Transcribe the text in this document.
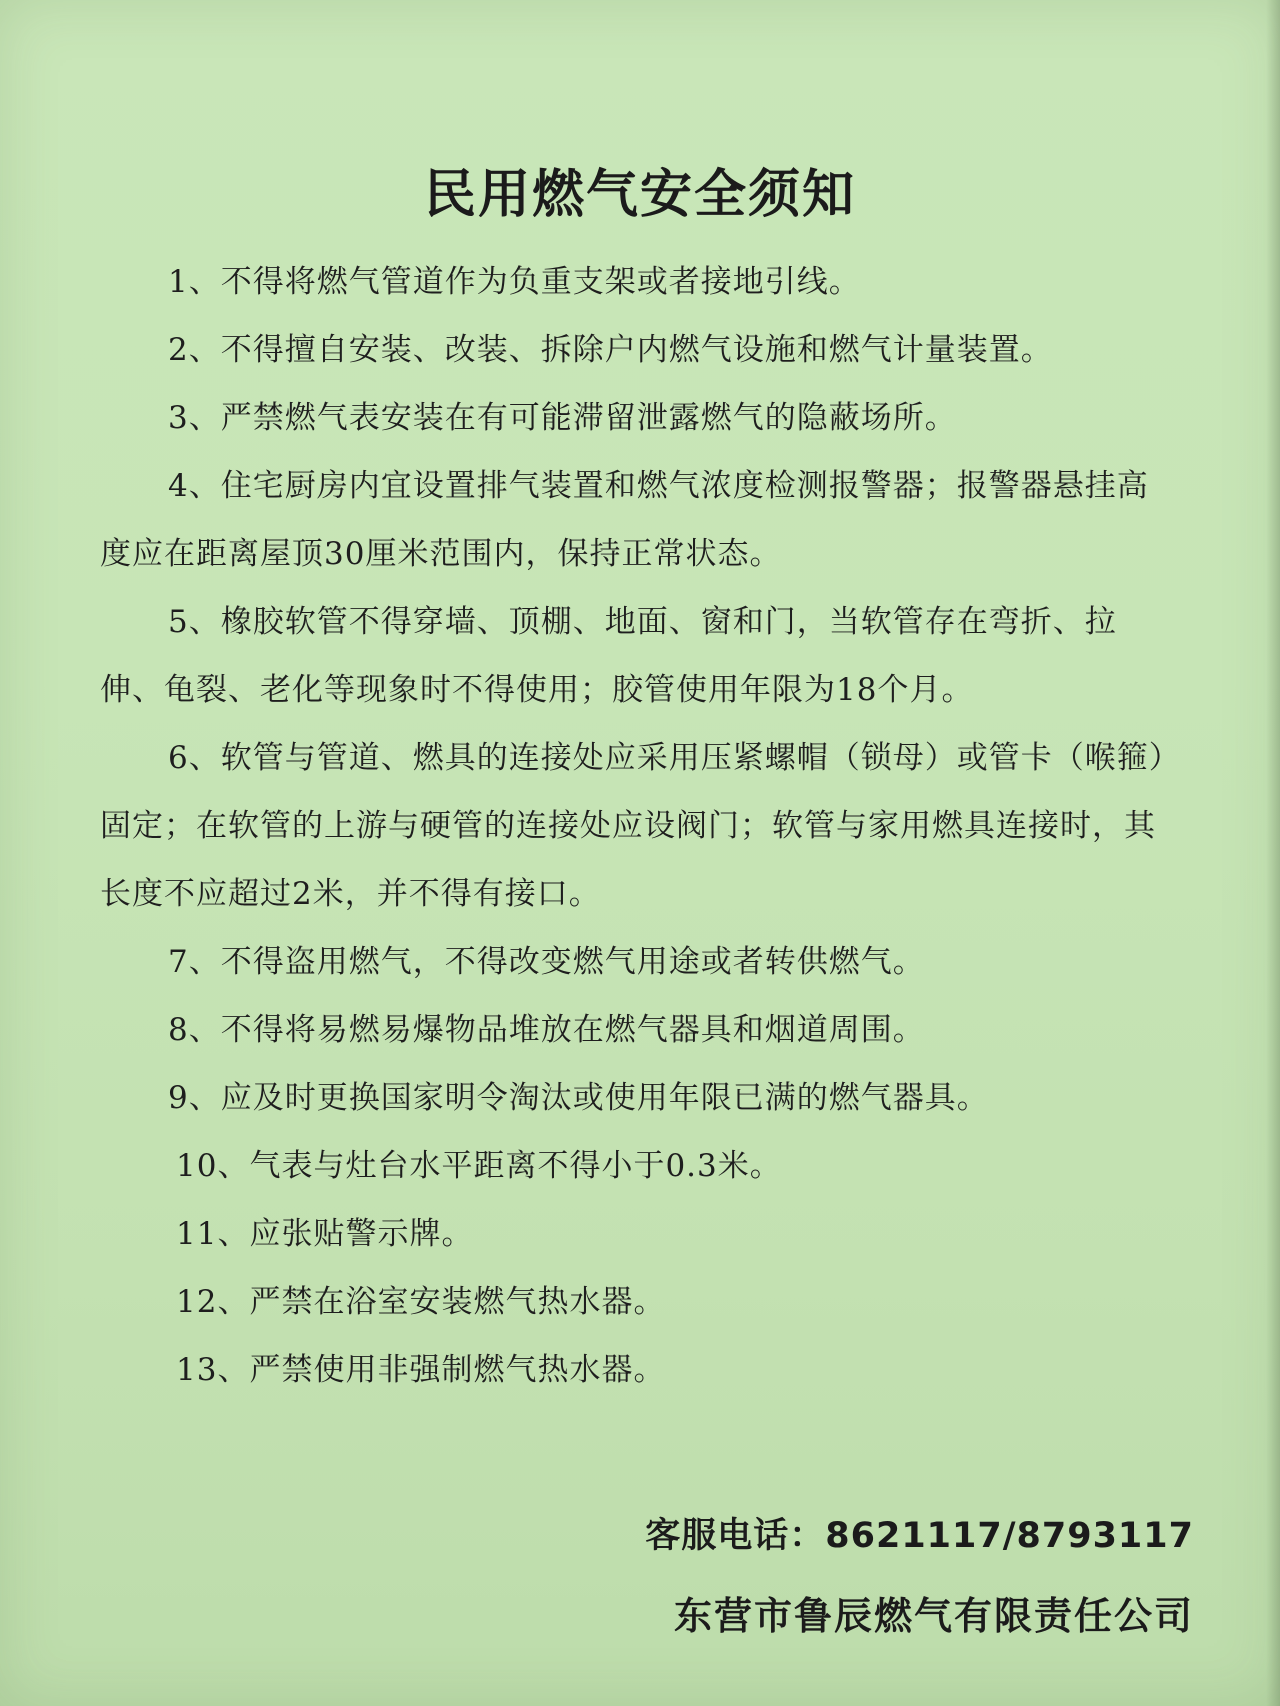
民用燃气安全须知

1、不得将燃气管道作为负重支架或者接地引线。

2、不得擅自安装、改装、拆除户内燃气设施和燃气计量装置。

3、严禁燃气表安装在有可能滞留泄露燃气的隐蔽场所。

4、住宅厨房内宜设置排气装置和燃气浓度检测报警器；报警器悬挂高度应在距离屋顶30厘米范围内，保持正常状态。

5、橡胶软管不得穿墙、顶棚、地面、窗和门，当软管存在弯折、拉伸、龟裂、老化等现象时不得使用；胶管使用年限为18个月。

6、软管与管道、燃具的连接处应采用压紧螺帽（锁母）或管卡（喉箍）固定；在软管的上游与硬管的连接处应设阀门；软管与家用燃具连接时，其长度不应超过2米，并不得有接口。

7、不得盗用燃气，不得改变燃气用途或者转供燃气。

8、不得将易燃易爆物品堆放在燃气器具和烟道周围。

9、应及时更换国家明令淘汰或使用年限已满的燃气器具。

10、气表与灶台水平距离不得小于0.3米。

11、应张贴警示牌。

12、严禁在浴室安装燃气热水器。

13、严禁使用非强制燃气热水器。

客服电话：8621117/8793117
东营市鲁辰燃气有限责任公司
